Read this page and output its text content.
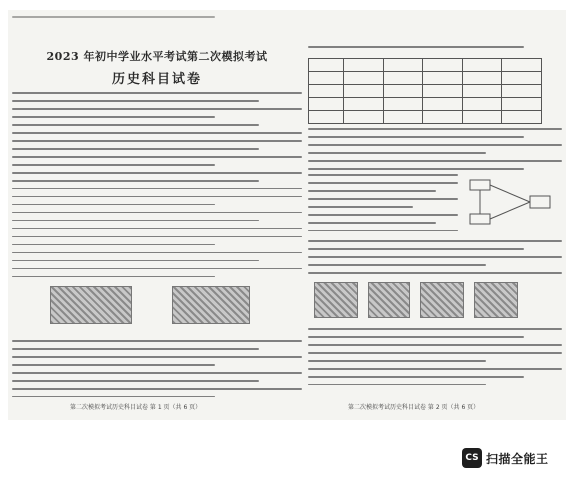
2023 年初中学业水平考试第二次模拟考试
历史科目试卷
第二次模拟考试历史科目试卷 第 1 页（共 6 页）

						第二次模拟考试历史科目试卷 第 2 页（共 6 页）
CS 扫描全能王
